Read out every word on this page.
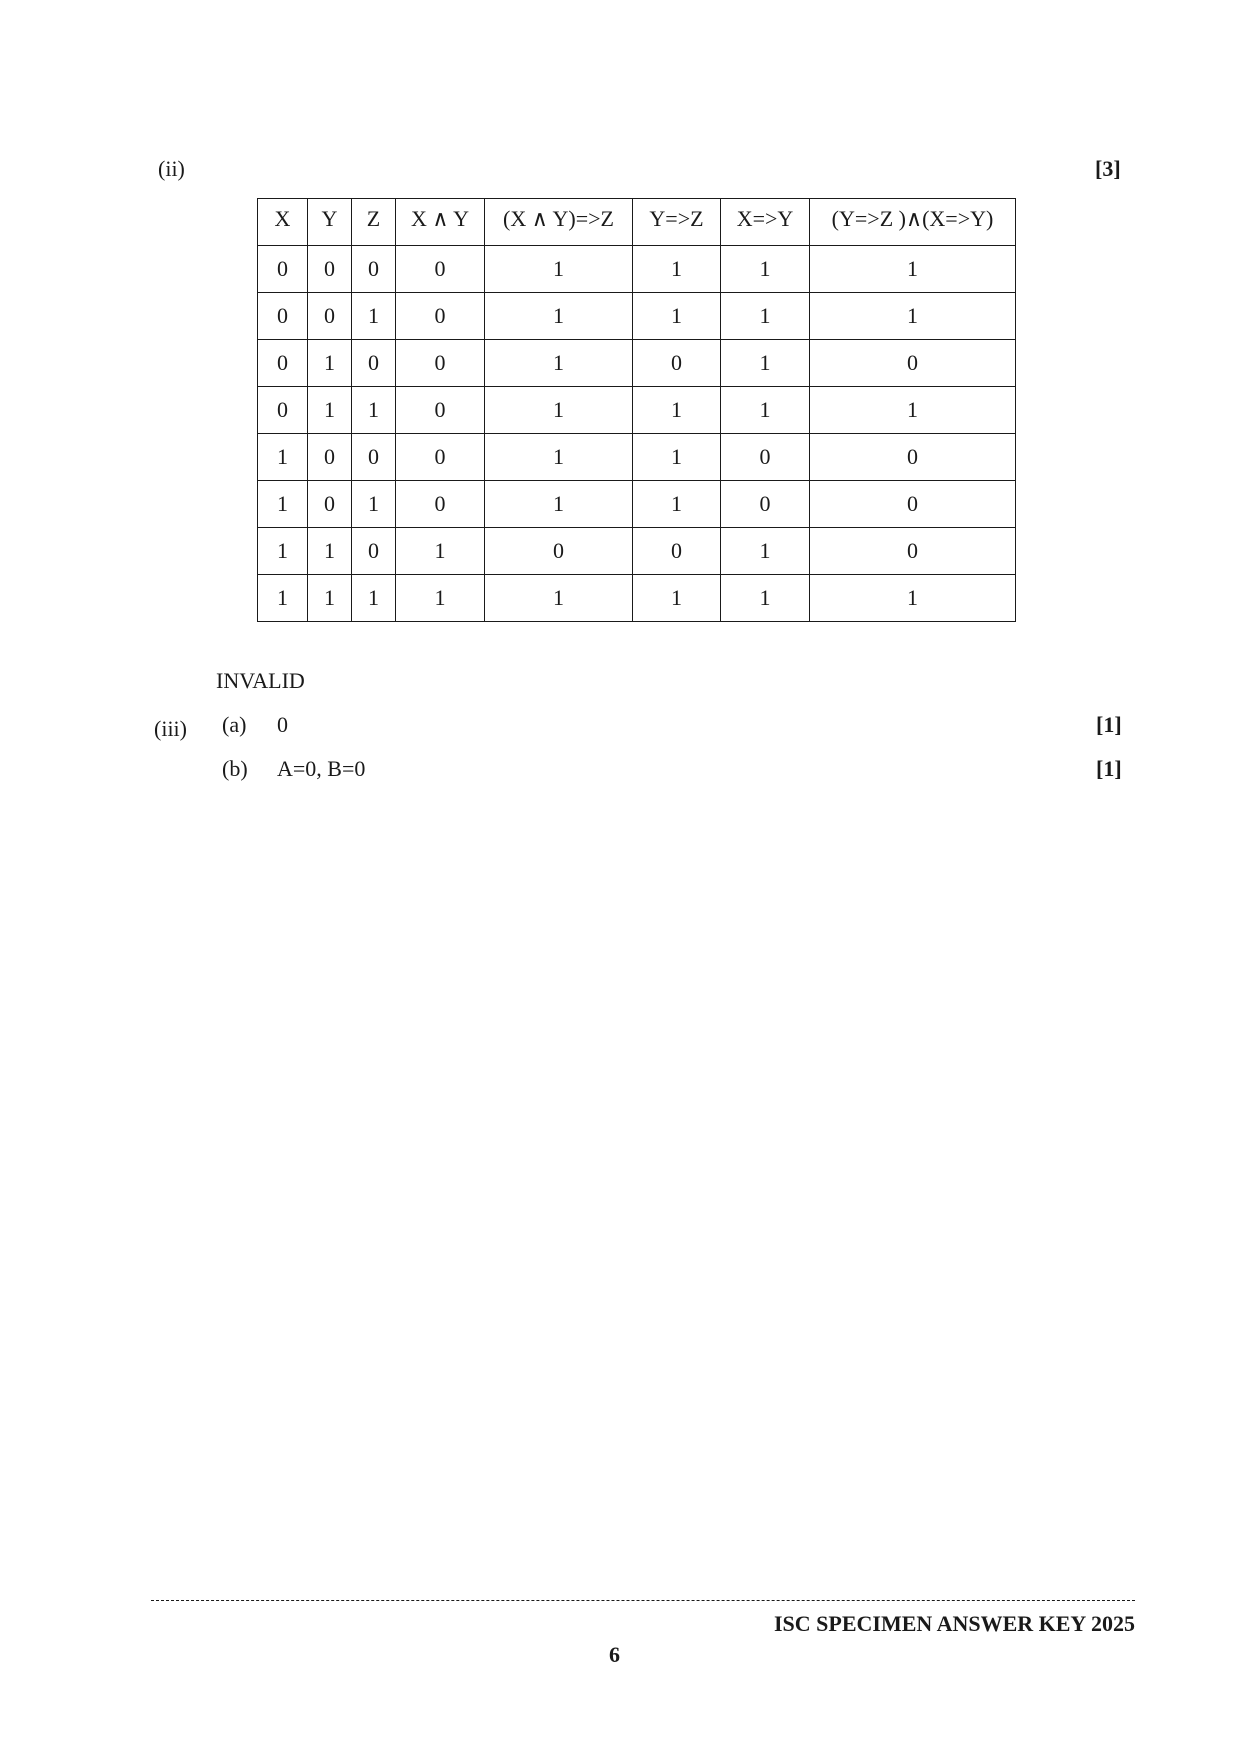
(ii)	[3]
X	Y	Z	X ∧ Y	(X ∧ Y)=>Z	Y=>Z	X=>Y	(Y=>Z )∧(X=>Y)
0	0	0	0	1	1	1	1
0	0	1	0	1	1	1	1
0	1	0	0	1	0	1	0
0	1	1	0	1	1	1	1
1	0	0	0	1	1	0	0
1	0	1	0	1	1	0	0
1	1	0	1	0	0	1	0
1	1	1	1	1	1	1	1
INVALID
(iii) (a) 0	[1]
(b) A=0, B=0	[1]
ISC SPECIMEN ANSWER KEY 2025
6
